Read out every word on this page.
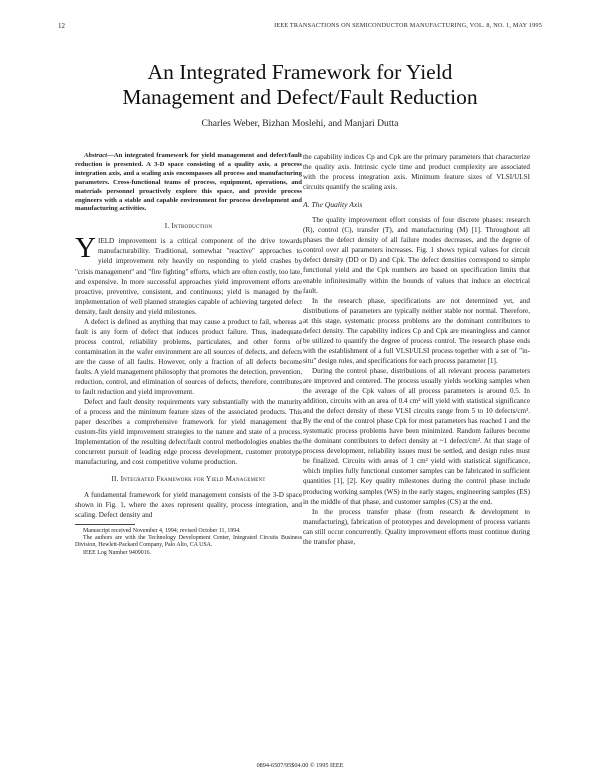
12	IEEE TRANSACTIONS ON SEMICONDUCTOR MANUFACTURING, VOL. 8, NO. 1, MAY 1995
An Integrated Framework for Yield
Management and Defect/Fault Reduction
Charles Weber, Bizhan Moslehi, and Manjari Dutta

Abstract—An integrated framework for yield management and defect/fault reduction is presented. A 3-D space consisting of a quality axis, a process integration axis, and a scaling axis encompasses all process and manufacturing parameters. Cross-functional teams of process, equipment, operations, and materials personnel proactively explore this space, and provide process engineers with a stable and capable environment for process development and manufacturing activities.

I. Introduction
Y IELD improvement is a critical component of the drive towards manufacturability. Traditional, somewhat "reactive" approaches to yield improvement rely heavily on responding to yield crashes by "crisis management" and "fire fighting" efforts, which are often costly, too late, and expensive. In more successful approaches yield improvement efforts are proactive, preventive, consistent, and continuous; yield is managed by the implementation of well planned strategies capable of achieving targeted defect density, fault density and yield milestones.

A defect is defined as anything that may cause a product to fail, whereas a fault is any form of defect that induces product failure. Thus, inadequate process control, reliability problems, particulates, and other forms of contamination in the wafer environment are all sources of defects, and defects are the cause of all faults. However, only a fraction of all defects become faults. A yield management philosophy that promotes the detection, prevention, reduction, control, and elimination of sources of defects, therefore, contributes to fault reduction and yield improvement.

Defect and fault density requirements vary substantially with the maturity of a process and the minimum feature sizes of the associated products. This paper describes a comprehensive framework for yield management that custom-fits yield improvement strategies to the nature and state of a process. Implementation of the resulting defect/fault control methodologies enables the concurrent pursuit of leading edge process development, customer prototype manufacturing, and cost competitive volume production.

II. Integrated Framework for Yield Management

A fundamental framework for yield management consists of the 3-D space shown in Fig. 1, where the axes represent quality, process integration, and scaling. Defect density and

Manuscript received November 4, 1994; revised October 11, 1994.

The authors are with the Technology Development Center, Integrated Circuits Business Division, Hewlett-Packard Company, Palo Alto, CA USA.

IEEE Log Number 9409016.

the capability indices Cp and Cpk are the primary parameters that characterize the quality axis. Intrinsic cycle time and product complexity are associated with the process integration axis. Minimum feature sizes of VLSI/ULSI circuits quantify the scaling axis.

A. The Quality Axis

The quality improvement effort consists of four discrete phases: research (R), control (C), transfer (T), and manufacturing (M) [1]. Throughout all phases the defect density of all failure modes decreases, and the degree of control over all parameters increases. Fig. 1 shows typical values for circuit defect density (DD or D) and Cpk. The defect densities correspond to simple functional yield and the Cpk numbers are based on specification limits that enable infinitesimally within the bounds of values that induce an electrical fault.

In the research phase, specifications are not determined yet, and distributions of parameters are typically neither stable nor normal. Therefore, at this stage, systematic process problems are the dominant contributors to defect density. The capability indices Cp and Cpk are meaningless and cannot be utilized to quantify the degree of process control. The research phase ends with the establishment of a full VLSI/ULSI process together with a set of "in-situ" design rules, and specifications for each process parameter [1].

During the control phase, distributions of all relevant process parameters are improved and centered. The process usually yields working samples when the average of the Cpk values of all process parameters is around 0.5. In addition, circuits with an area of 0.4 cm² will yield with statistical significance and the defect density of these VLSI circuits range from 5 to 10 defects/cm². By the end of the control phase Cpk for most parameters has reached 1 and the systematic process problems have been minimized. Random failures become the dominant contributors to defect density at ~1 defect/cm². At that stage of process development, reliability issues must be settled, and design rules must be finalized. Circuits with areas of 1 cm² yield with statistical significance, which implies fully functional customer samples can be fabricated in sufficient quantities [1], [2]. Key quality milestones during the control phase include producing working samples (WS) in the early stages, engineering samples (ES) in the middle of that phase, and customer samples (CS) at the end.

In the process transfer phase (from research & development to manufacturing), fabrication of prototypes and development of process variants can still occur concurrently. Quality improvement efforts must continue during the transfer phase,

0894-6507/95$04.00 © 1995 IEEE
